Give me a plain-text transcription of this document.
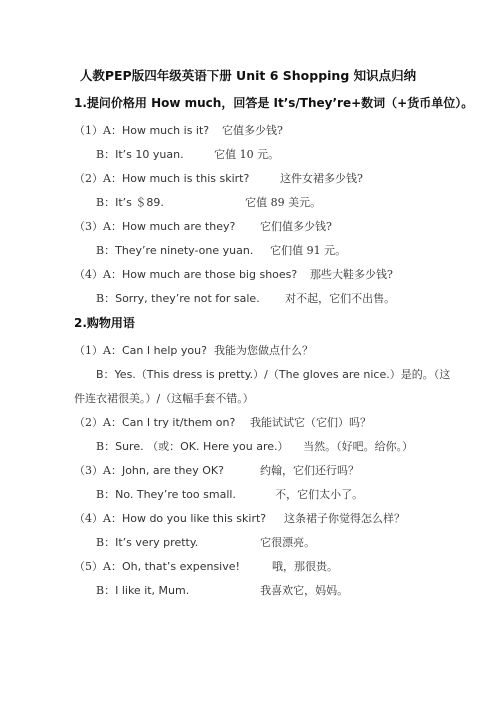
人教PEP版四年级英语下册 Unit 6 Shopping 知识点归纳
1.提问价格用 How much，回答是 It’s/They’re+数词（+货币单位）。
（1）A：How much is it? 它值多少钱?
B：It’s 10 yuan.	它值 10 元。
（2）A：How much is this skirt?	这件女裙多少钱?
B：It’s ＄89.	它值 89 美元。
（3）A：How much are they? 它们值多少钱?
B：They’re ninety-one yuan. 它们值 91 元。
（4）A：How much are those big shoes? 那些大鞋多少钱?
B：Sorry, they’re not for sale. 对不起，它们不出售。
2.购物用语
（1）A：Can I help you? 我能为您做点什么？
B：Yes.（This dress is pretty.）/（The gloves are nice.）是的。（这
件连衣裙很美。）/（这幅手套不错。）
（2）A：Can I try it/them on? 我能试试它（它们）吗？
B：Sure. （或：OK. Here you are.） 当然。（好吧。给你。）
（3）A：John, are they OK?	约翰，它们还行吗？
B：No. They’re too small.	不，它们太小了。
（4）A：How do you like this skirt? 这条裙子你觉得怎么样？
B：It’s very pretty.	它很漂亮。
（5）A：Oh, that’s expensive!	哦，那很贵。
B：I like it, Mum.	我喜欢它，妈妈。
